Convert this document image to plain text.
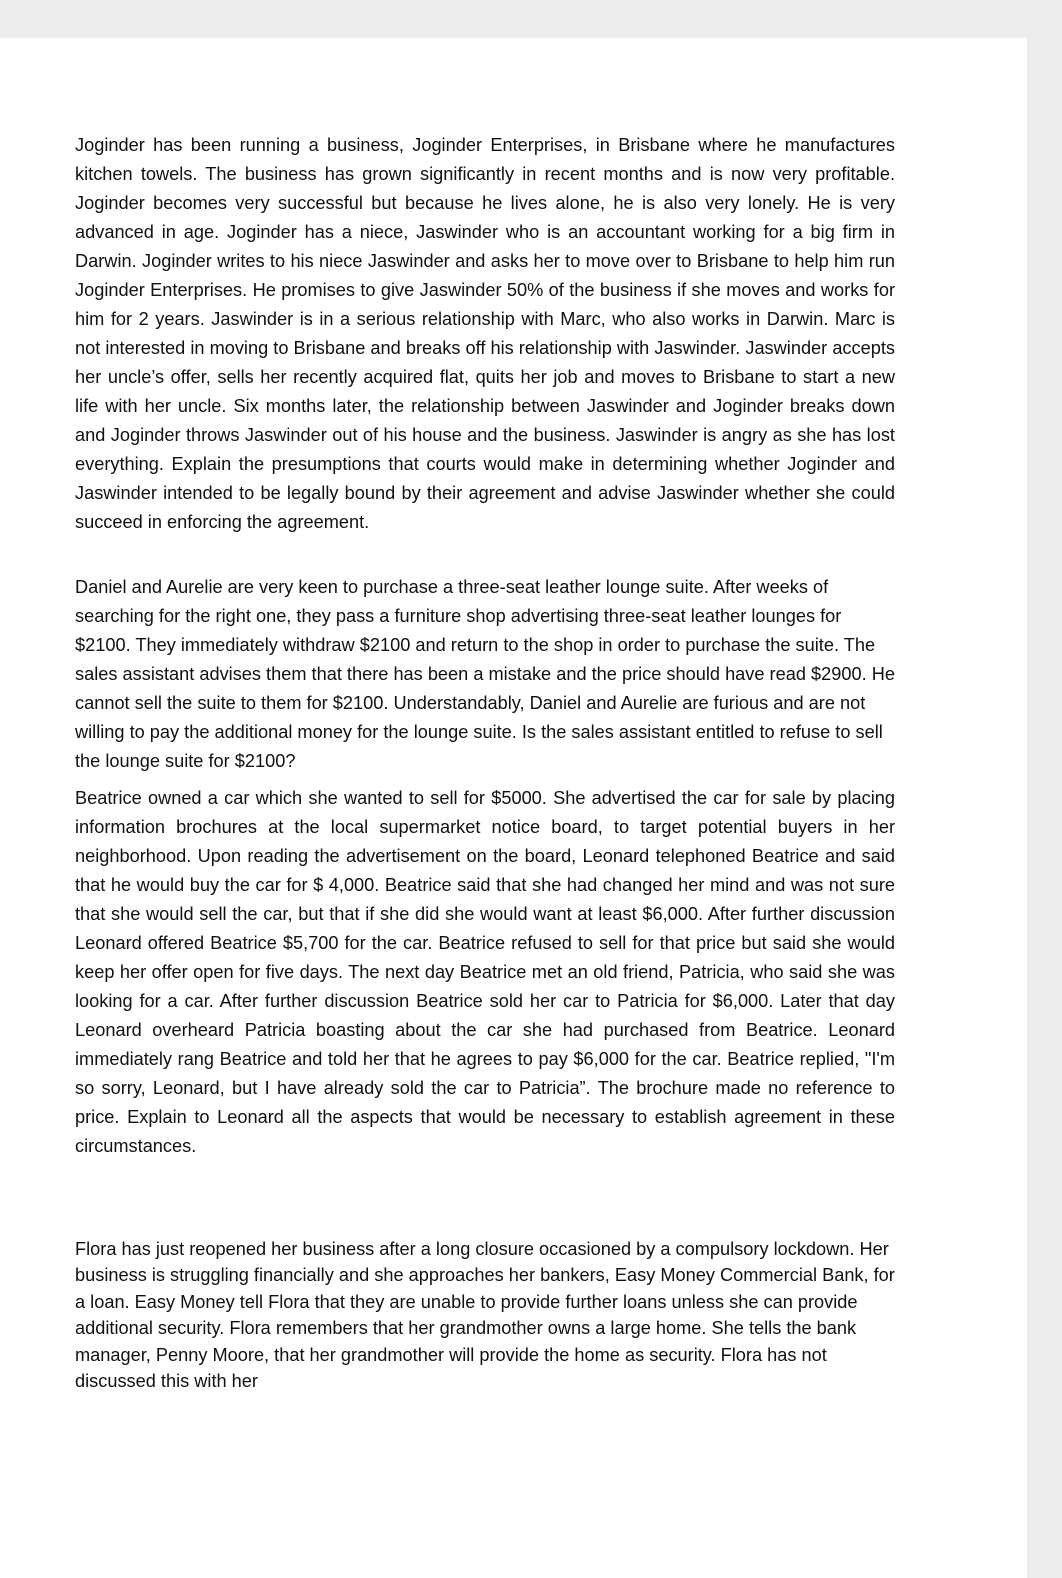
Joginder has been running a business, Joginder Enterprises, in Brisbane where he manufactures kitchen towels. The business has grown significantly in recent months and is now very profitable. Joginder becomes very successful but because he lives alone, he is also very lonely. He is very advanced in age. Joginder has a niece, Jaswinder who is an accountant working for a big firm in Darwin. Joginder writes to his niece Jaswinder and asks her to move over to Brisbane to help him run Joginder Enterprises. He promises to give Jaswinder 50% of the business if she moves and works for him for 2 years. Jaswinder is in a serious relationship with Marc, who also works in Darwin. Marc is not interested in moving to Brisbane and breaks off his relationship with Jaswinder. Jaswinder accepts her uncle’s offer, sells her recently acquired flat, quits her job and moves to Brisbane to start a new life with her uncle. Six months later, the relationship between Jaswinder and Joginder breaks down and Joginder throws Jaswinder out of his house and the business. Jaswinder is angry as she has lost everything. Explain the presumptions that courts would make in determining whether Joginder and Jaswinder intended to be legally bound by their agreement and advise Jaswinder whether she could succeed in enforcing the agreement.

Daniel and Aurelie are very keen to purchase a three-seat leather lounge suite. After weeks of searching for the right one, they pass a furniture shop advertising three-seat leather lounges for $2100. They immediately withdraw $2100 and return to the shop in order to purchase the suite. The sales assistant advises them that there has been a mistake and the price should have read $2900. He cannot sell the suite to them for $2100. Understandably, Daniel and Aurelie are furious and are not willing to pay the additional money for the lounge suite. Is the sales assistant entitled to refuse to sell the lounge suite for $2100?

Beatrice owned a car which she wanted to sell for $5000. She advertised the car for sale by placing information brochures at the local supermarket notice board, to target potential buyers in her neighborhood. Upon reading the advertisement on the board, Leonard telephoned Beatrice and said that he would buy the car for $ 4,000. Beatrice said that she had changed her mind and was not sure that she would sell the car, but that if she did she would want at least $6,000. After further discussion Leonard offered Beatrice $5,700 for the car. Beatrice refused to sell for that price but said she would keep her offer open for five days. The next day Beatrice met an old friend, Patricia, who said she was looking for a car. After further discussion Beatrice sold her car to Patricia for $6,000. Later that day Leonard overheard Patricia boasting about the car she had purchased from Beatrice. Leonard immediately rang Beatrice and told her that he agrees to pay $6,000 for the car. Beatrice replied, "I'm so sorry, Leonard, but I have already sold the car to Patricia”. The brochure made no reference to price. Explain to Leonard all the aspects that would be necessary to establish agreement in these circumstances.

Flora has just reopened her business after a long closure occasioned by a compulsory lockdown. Her business is struggling financially and she approaches her bankers, Easy Money Commercial Bank, for a loan. Easy Money tell Flora that they are unable to provide further loans unless she can provide additional security. Flora remembers that her grandmother owns a large home. She tells the bank manager, Penny Moore, that her grandmother will provide the home as security. Flora has not discussed this with her
